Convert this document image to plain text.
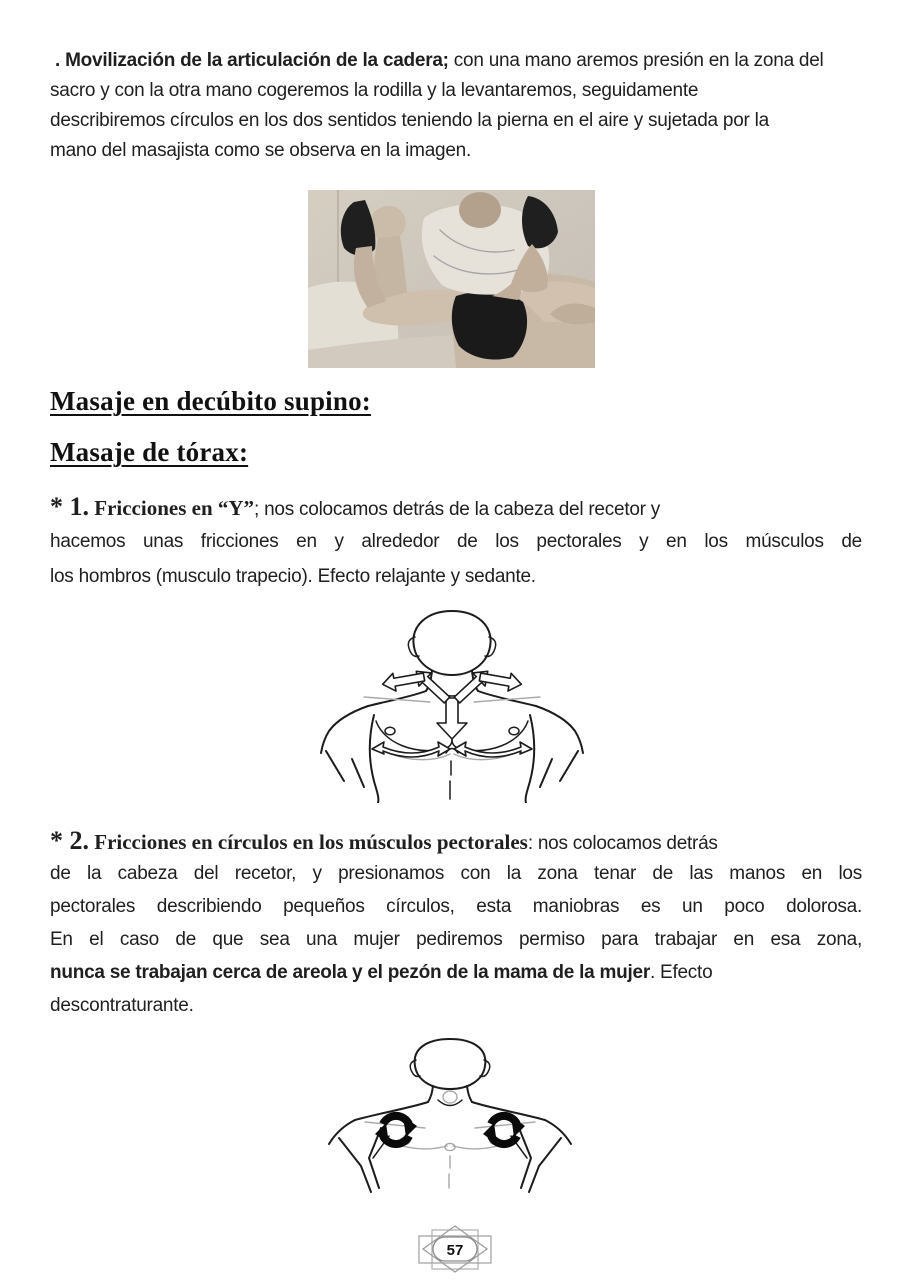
. Movilización de la articulación de la cadera; con una mano aremos presión en la zona del
sacro y con la otra mano cogeremos la rodilla y la levantaremos, seguidamente
describiremos círculos en los dos sentidos teniendo la pierna en el aire y sujetada por la
mano del masajista como se observa en la imagen.
Masaje en decúbito supino:
Masaje de tórax:
* 1. Fricciones en “Y”; nos colocamos detrás de la cabeza del recetor y
hacemos unas fricciones en y alrededor de los pectorales y en los músculos de
los hombros (musculo trapecio). Efecto relajante y sedante.
* 2. Fricciones en círculos en los músculos pectorales: nos colocamos detrás
de la cabeza del recetor, y presionamos con la zona tenar de las manos en los
pectorales describiendo pequeños círculos, esta maniobras es un poco dolorosa.
En el caso de que sea una mujer pediremos permiso para trabajar en esa zona,
nunca se trabajan cerca de areola y el pezón de la mama de la mujer. Efecto
descontraturante.
57
